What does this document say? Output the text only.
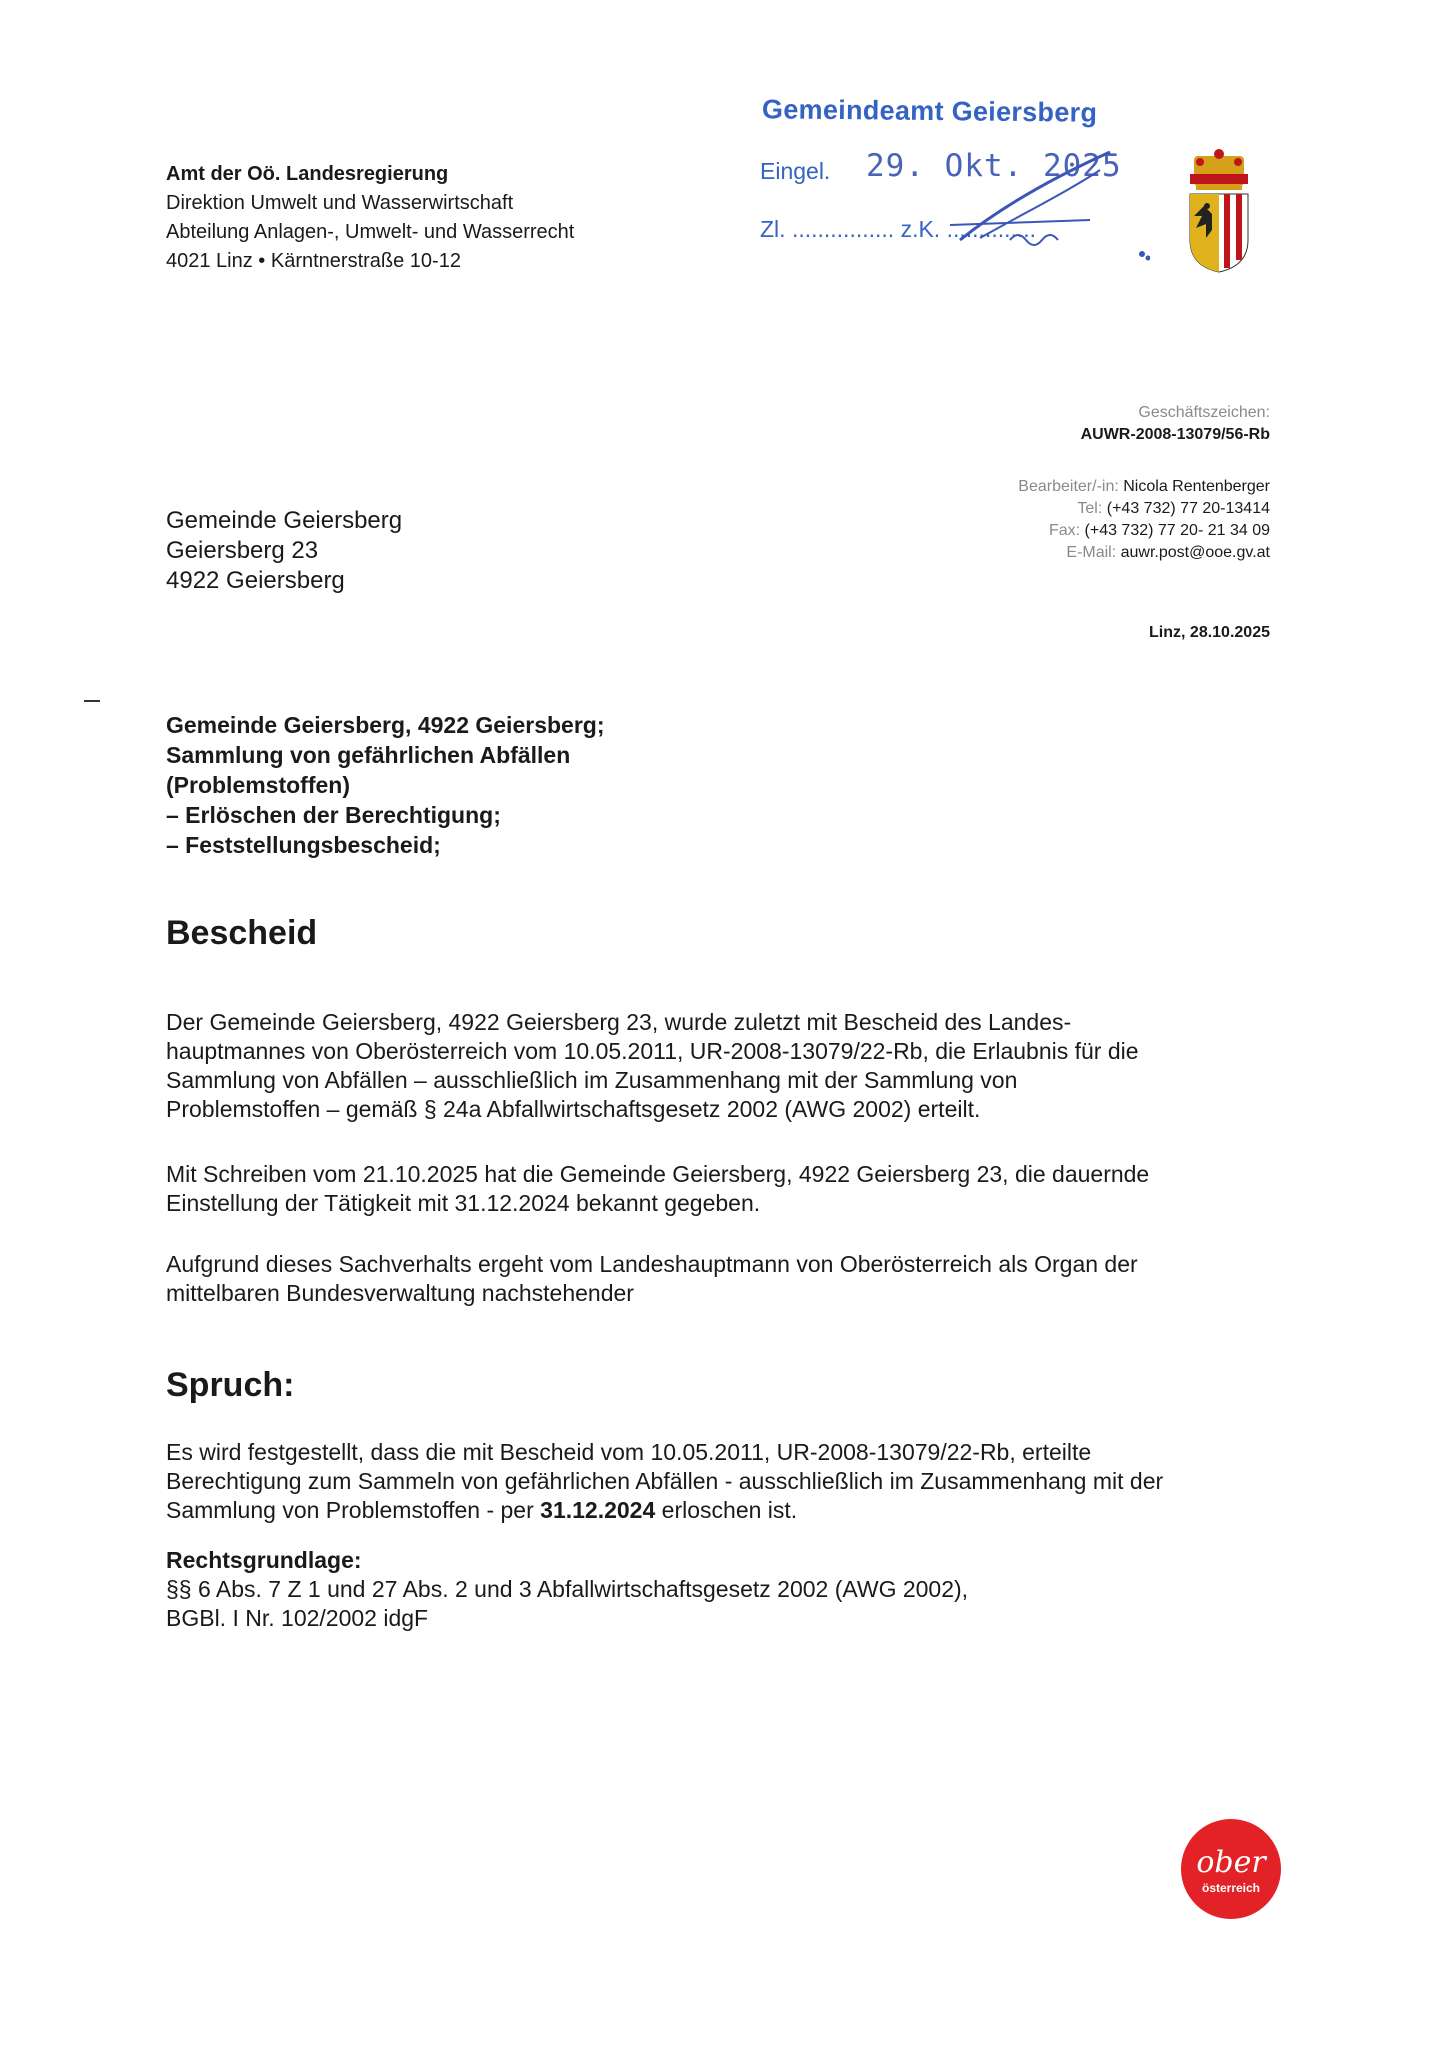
Amt der Oö. Landesregierung
Direktion Umwelt und Wasserwirtschaft
Abteilung Anlagen-, Umwelt- und Wasserrecht
4021 Linz • Kärntnerstraße 10-12
Gemeindeamt Geiersberg
Eingel. 29. Okt. 2025
Zl. ................ z.K. ..............
Geschäftszeichen:
AUWR-2008-13079/56-Rb
Bearbeiter/-in: Nicola Rentenberger
Tel: (+43 732) 77 20-13414
Fax: (+43 732) 77 20- 21 34 09
E-Mail: auwr.post@ooe.gv.at
Linz, 28.10.2025
Gemeinde Geiersberg
Geiersberg 23
4922 Geiersberg
Gemeinde Geiersberg, 4922 Geiersberg;
Sammlung von gefährlichen Abfällen
(Problemstoffen)
– Erlöschen der Berechtigung;
– Feststellungsbescheid;
Bescheid

Der Gemeinde Geiersberg, 4922 Geiersberg 23, wurde zuletzt mit Bescheid des Landes-

hauptmannes von Oberösterreich vom 10.05.2011, UR-2008-13079/22-Rb, die Erlaubnis für die

Sammlung von Abfällen – ausschließlich im Zusammenhang mit der Sammlung von

Problemstoffen – gemäß § 24a Abfallwirtschaftsgesetz 2002 (AWG 2002) erteilt.

Mit Schreiben vom 21.10.2025 hat die Gemeinde Geiersberg, 4922 Geiersberg 23, die dauernde

Einstellung der Tätigkeit mit 31.12.2024 bekannt gegeben.

Aufgrund dieses Sachverhalts ergeht vom Landeshauptmann von Oberösterreich als Organ der

mittelbaren Bundesverwaltung nachstehender

Spruch:

Es wird festgestellt, dass die mit Bescheid vom 10.05.2011, UR-2008-13079/22-Rb, erteilte

Berechtigung zum Sammeln von gefährlichen Abfällen - ausschließlich im Zusammenhang mit der

Sammlung von Problemstoffen - per 31.12.2024 erloschen ist.

Rechtsgrundlage:

§§ 6 Abs. 7 Z 1 und 27 Abs. 2 und 3 Abfallwirtschaftsgesetz 2002 (AWG 2002),

BGBl. I Nr. 102/2002 idgF

ober
österreich
